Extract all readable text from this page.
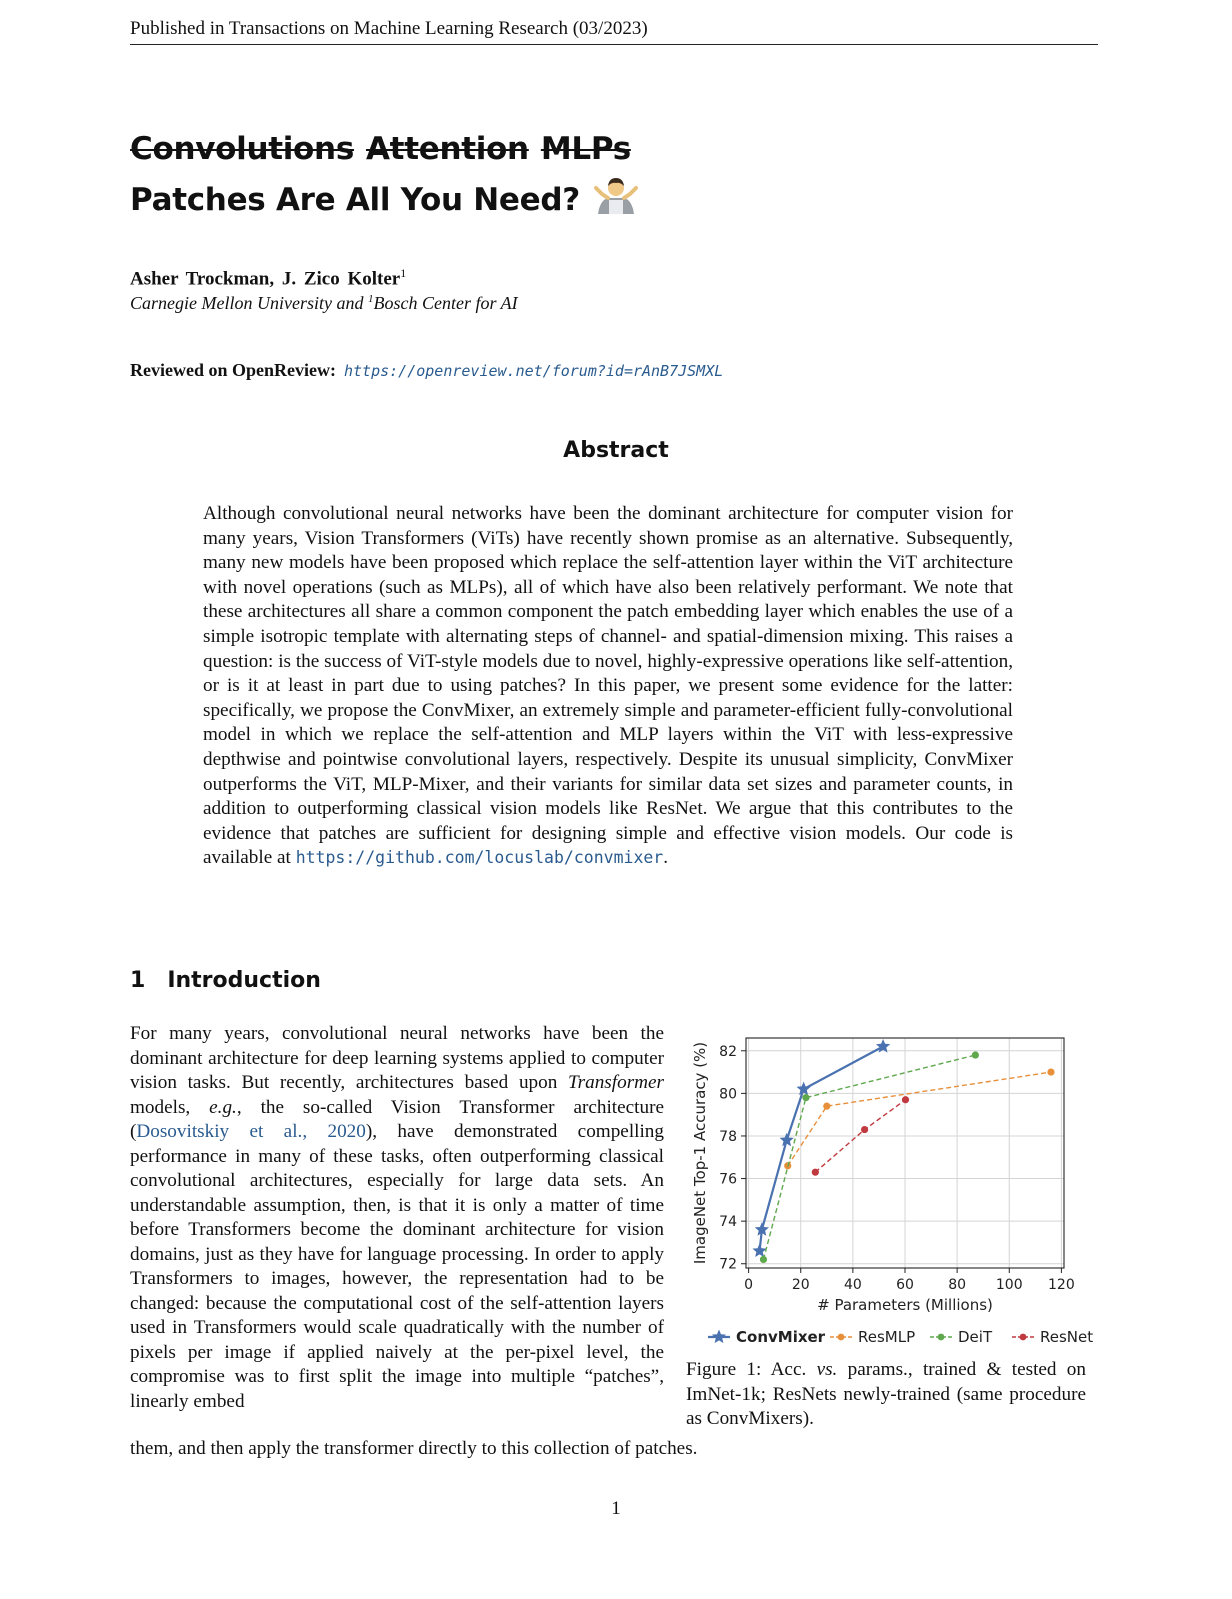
Published in Transactions on Machine Learning Research (03/2023)
Convolutions Attention MLPs
Patches Are All You Need?
Asher Trockman, J. Zico Kolter$^1$
Carnegie Mellon University and $^1$Bosch Center for AI
Reviewed on OpenReview: https://openreview.net/forum?id=rAnB7JSMXL
Abstract

Although convolutional neural networks have been the dominant architecture for computer vision for many years, Vision Transformers (ViTs) have recently shown promise as an alternative. Subsequently, many new models have been proposed which replace the self-attention layer within the ViT architecture with novel operations (such as MLPs), all of which have also been relatively performant. We note that these architectures all share a common component the patch embedding layer which enables the use of a simple isotropic template with alternating steps of channel- and spatial-dimension mixing. This raises a question: is the success of ViT-style models due to novel, highly-expressive operations like self-attention, or is it at least in part due to using patches? In this paper, we present some evidence for the latter: specifically, we propose the ConvMixer, an extremely simple and parameter-efficient fully-convolutional model in which we replace the self-attention and MLP layers within the ViT with less-expressive depthwise and pointwise convolutional layers, respectively. Despite its unusual simplicity, ConvMixer outperforms the ViT, MLP-Mixer, and their variants for similar data set sizes and parameter counts, in addition to outperforming classical vision models like ResNet. We argue that this contributes to the evidence that patches are sufficient for designing simple and effective vision models. Our code is available at https://github.com/locuslab/convmixer.

1 Introduction

For many years, convolutional neural networks have been the dominant architecture for deep learning systems applied to computer vision tasks. But recently, architectures based upon Transformer models, e.g., the so-called Vision Transformer architecture (Dosovitskiy et al., 2020), have demonstrated compelling performance in many of these tasks, often outperforming classical convolutional architectures, especially for large data sets. An understandable assumption, then, is that it is only a matter of time before Transformers become the dominant architecture for vision domains, just as they have for language processing. In order to apply Transformers to images, however, the representation had to be changed: because the computational cost of the self-attention layers used in Transformers would scale quadratically with the number of pixels per image if applied naively at the per-pixel level, the compromise was to first split the image into multiple “patches”, linearly embed

them, and then apply the transformer directly to this collection of patches.

0	20 40 60 80 100 120
72
74
76
78
80
82
# Parameters (Millions)
ImageNet Top-1 Accuracy (%)
ConvMixer ResMLP	DeiT	ResNet

Figure 1: Acc. vs. params., trained & tested on ImNet-1k; ResNets newly-trained (same procedure as ConvMixers).

1
